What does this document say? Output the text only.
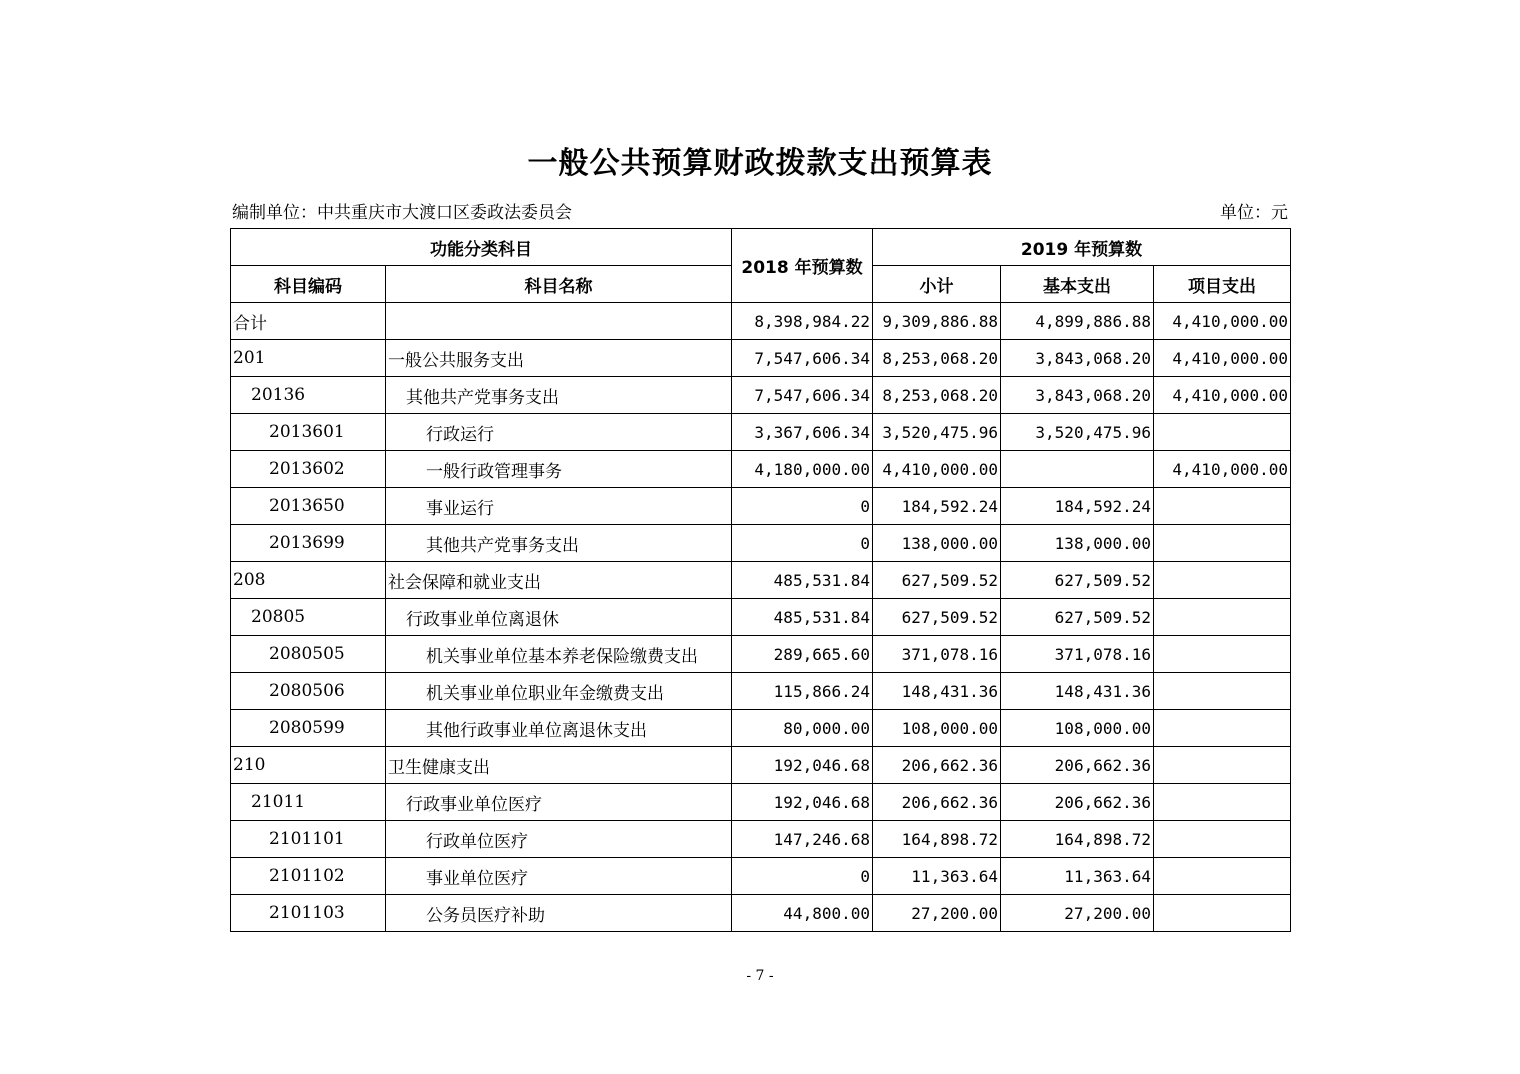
一般公共预算财政拨款支出预算表
编制单位：中共重庆市大渡口区委政法委员会	单位：元
功能分类科目		2018 年预算数	2019 年预算数		
科目编码	科目名称		小计	基本支出	项目支出
合计		8,398,984.22	9,309,886.88	4,899,886.88	4,410,000.00
201	一般公共服务支出	7,547,606.34	8,253,068.20	3,843,068.20	4,410,000.00
20136	其他共产党事务支出	7,547,606.34	8,253,068.20	3,843,068.20	4,410,000.00
2013601	行政运行	3,367,606.34	3,520,475.96	3,520,475.96	
2013602	一般行政管理事务	4,180,000.00	4,410,000.00		4,410,000.00
2013650	事业运行	0	184,592.24	184,592.24	
2013699	其他共产党事务支出	0	138,000.00	138,000.00	
208	社会保障和就业支出	485,531.84	627,509.52	627,509.52	
20805	行政事业单位离退休	485,531.84	627,509.52	627,509.52	
2080505	机关事业单位基本养老保险缴费支出	289,665.60	371,078.16	371,078.16	
2080506	机关事业单位职业年金缴费支出	115,866.24	148,431.36	148,431.36	
2080599	其他行政事业单位离退休支出	80,000.00	108,000.00	108,000.00	
210	卫生健康支出	192,046.68	206,662.36	206,662.36	
21011	行政事业单位医疗	192,046.68	206,662.36	206,662.36	
2101101	行政单位医疗	147,246.68	164,898.72	164,898.72	
2101102	事业单位医疗	0	11,363.64	11,363.64	
2101103	公务员医疗补助	44,800.00	27,200.00	27,200.00	
- 7 -
